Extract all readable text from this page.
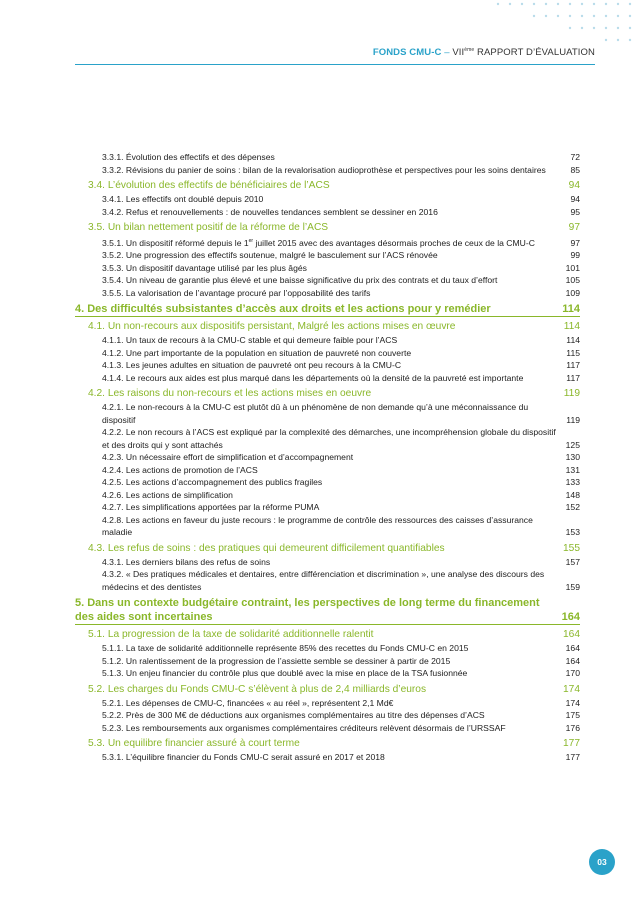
FONDS CMU-C – VIIème RAPPORT D’ÉVALUATION
3.3.1. Évolution des effectifs et des dépenses	72
3.3.2. Révisions du panier de soins : bilan de la revalorisation audioprothèse et perspectives pour les soins dentaires	85
3.4. L’évolution des effectifs de bénéficiaires de l’ACS	94
3.4.1. Les effectifs ont doublé depuis 2010	94
3.4.2. Refus et renouvellements : de nouvelles tendances semblent se dessiner en 2016	95
3.5. Un bilan nettement positif de la réforme de l’ACS	97
3.5.1. Un dispositif réformé depuis le 1er juillet 2015 avec des avantages désormais proches de ceux de la CMU-C	97
3.5.2. Une progression des effectifs soutenue, malgré le basculement sur l’ACS rénovée	99
3.5.3. Un dispositif davantage utilisé par les plus âgés	101
3.5.4. Un niveau de garantie plus élevé et une baisse significative du prix des contrats et du taux d’effort	105
3.5.5. La valorisation de l’avantage procuré par l’opposabilité des tarifs	109
4. Des difficultés subsistantes d’accès aux droits et les actions pour y remédier	114
4.1. Un non-recours aux dispositifs persistant, Malgré les actions mises en œuvre	114
4.1.1. Un taux de recours à la CMU-C stable et qui demeure faible pour l’ACS	114
4.1.2. Une part importante de la population en situation de pauvreté non couverte	115
4.1.3. Les jeunes adultes en situation de pauvreté ont peu recours à la CMU-C	117
4.1.4. Le recours aux aides est plus marqué dans les départements où la densité de la pauvreté est importante	117
4.2. Les raisons du non-recours et les actions mises en oeuvre	119
4.2.1. Le non-recours à la CMU-C est plutôt dû à un phénomène de non demande qu’à une méconnaissance du dispositif	119
4.2.2. Le non recours à l’ACS est expliqué par la complexité des démarches, une incompréhension globale du dispositif et des droits qui y sont attachés	125
4.2.3. Un nécessaire effort de simplification et d’accompagnement	130
4.2.4. Les actions de promotion de l’ACS	131
4.2.5. Les actions d’accompagnement des publics fragiles	133
4.2.6. Les actions de simplification	148
4.2.7. Les simplifications apportées par la réforme PUMA	152
4.2.8. Les actions en faveur du juste recours : le programme de contrôle des ressources des caisses d’assurance maladie	153
4.3. Les refus de soins : des pratiques qui demeurent difficilement quantifiables	155
4.3.1. Les derniers bilans des refus de soins	157
4.3.2. « Des pratiques médicales et dentaires, entre différenciation et discrimination », une analyse des discours des médecins et des dentistes	159
5. Dans un contexte budgétaire contraint, les perspectives de long terme du financement des aides sont incertaines	164
5.1. La progression de la taxe de solidarité additionnelle ralentit	164
5.1.1. La taxe de solidarité additionnelle représente 85% des recettes du Fonds CMU-C en 2015	164
5.1.2. Un ralentissement de la progression de l’assiette semble se dessiner à partir de 2015	164
5.1.3. Un enjeu financier du contrôle plus que doublé avec la mise en place de la TSA fusionnée	170
5.2. Les charges du Fonds CMU-C s’élèvent à plus de 2,4 milliards d’euros	174
5.2.1. Les dépenses de CMU-C, financées « au réel », représentent 2,1 Md€	174
5.2.2. Près de 300 M€ de déductions aux organismes complémentaires au titre des dépenses d’ACS	175
5.2.3. Les remboursements aux organismes complémentaires créditeurs relèvent désormais de l’URSSAF	176
5.3. Un equilibre financier assuré à court terme	177
5.3.1. L’équilibre financier du Fonds CMU-C serait assuré en 2017 et 2018	177
03
